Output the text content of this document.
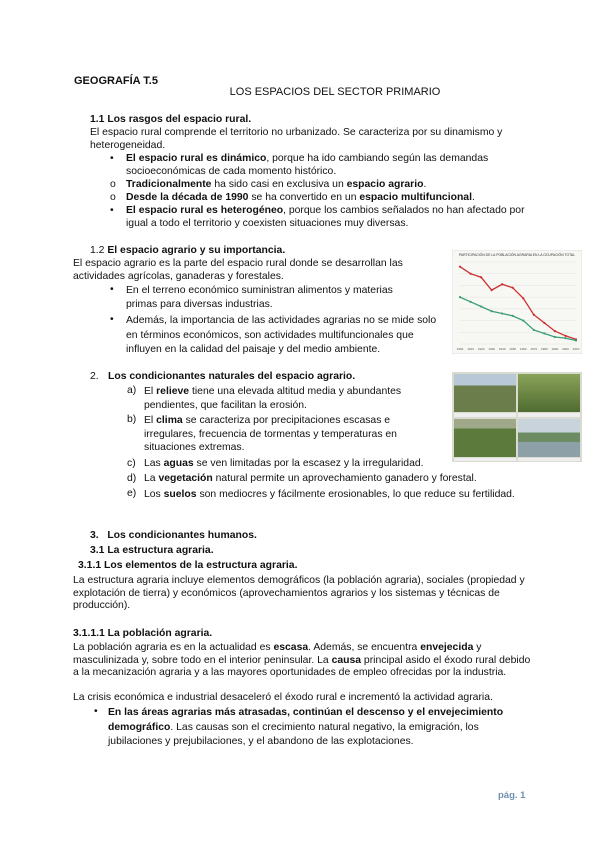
GEOGRAFÍA T.5
LOS ESPACIOS DEL SECTOR PRIMARIO
1.1 Los rasgos del espacio rural.
El espacio rural comprende el territorio no urbanizado. Se caracteriza por su dinamismo y heterogeneidad.
•	El espacio rural es dinámico, porque ha ido cambiando según las demandas socioeconómicas de cada momento histórico.
o Tradicionalmente ha sido casi en exclusiva un espacio agrario.
o Desde la década de 1990 se ha convertido en un espacio multifuncional.
•	El espacio rural es heterogéneo, porque los cambios señalados no han afectado por igual a todo el territorio y coexisten situaciones muy diversas.
1.2 El espacio agrario y su importancia.
El espacio agrario es la parte del espacio rural donde se desarrollan las actividades agrícolas, ganaderas y forestales.
•	En el terreno económico suministran alimentos y materias primas para diversas industrias.
•	Además, la importancia de las actividades agrarias no se mide solo en términos económicos, son actividades multifuncionales que influyen en la calidad del paisaje y del medio ambiente.
PARTICIPACIÓN DE LA POBLACIÓN AGRARIA EN LA OCUPACIÓN TOTAL
1900 1910 1920 1930 1940 1950 1960 1970 1980 1990 2000 2010
2. Los condicionantes naturales del espacio agrario.
a) El relieve tiene una elevada altitud media y abundantes pendientes, que facilitan la erosión.
b) El clima se caracteriza por precipitaciones escasas e irregulares, frecuencia de tormentas y temperaturas en situaciones extremas.
c) Las aguas se ven limitadas por la escasez y la irregularidad.
d) La vegetación natural permite un aprovechamiento ganadero y forestal.
e) Los suelos son mediocres y fácilmente erosionables, lo que reduce su fertilidad.
3.   Los condicionantes humanos.
3.1 La estructura agraria.
3.1.1 Los elementos de la estructura agraria.
La estructura agraria incluye elementos demográficos (la población agraria), sociales (propiedad y explotación de tierra) y económicos (aprovechamientos agrarios y los sistemas y técnicas de producción).
3.1.1.1 La población agraria.
La población agraria es en la actualidad es escasa. Además, se encuentra envejecida y masculinizada y, sobre todo en el interior peninsular. La causa principal asido el éxodo rural debido a la mecanización agraria y a las mayores oportunidades de empleo ofrecidas por la industria.
La crisis económica e industrial desaceleró el éxodo rural e incrementó la actividad agraria.
• En las áreas agrarias más atrasadas, continúan el descenso y el envejecimiento demográfico. Las causas son el crecimiento natural negativo, la emigración, los jubilaciones y prejubilaciones, y el abandono de las explotaciones.
pág. 1
